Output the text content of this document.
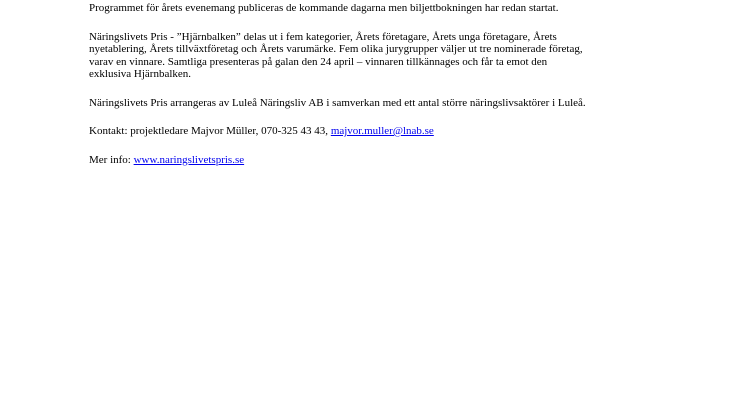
Programmet för årets evenemang publiceras de kommande dagarna men biljettbokningen har redan startat.

Näringslivets Pris - ”Hjärnbalken” delas ut i fem kategorier, Årets företagare, Årets unga företagare, Årets
nyetablering, Årets tillväxtföretag och Årets varumärke. Fem olika jurygrupper väljer ut tre nominerade företag,
varav en vinnare. Samtliga presenteras på galan den 24 april – vinnaren tillkännages och får ta emot den
exklusiva Hjärnbalken.

Näringslivets Pris arrangeras av Luleå Näringsliv AB i samverkan med ett antal större näringslivsaktörer i Luleå.

Kontakt: projektledare Majvor Müller, 070-325 43 43, majvor.muller@lnab.se

Mer info: www.naringslivetspris.se
